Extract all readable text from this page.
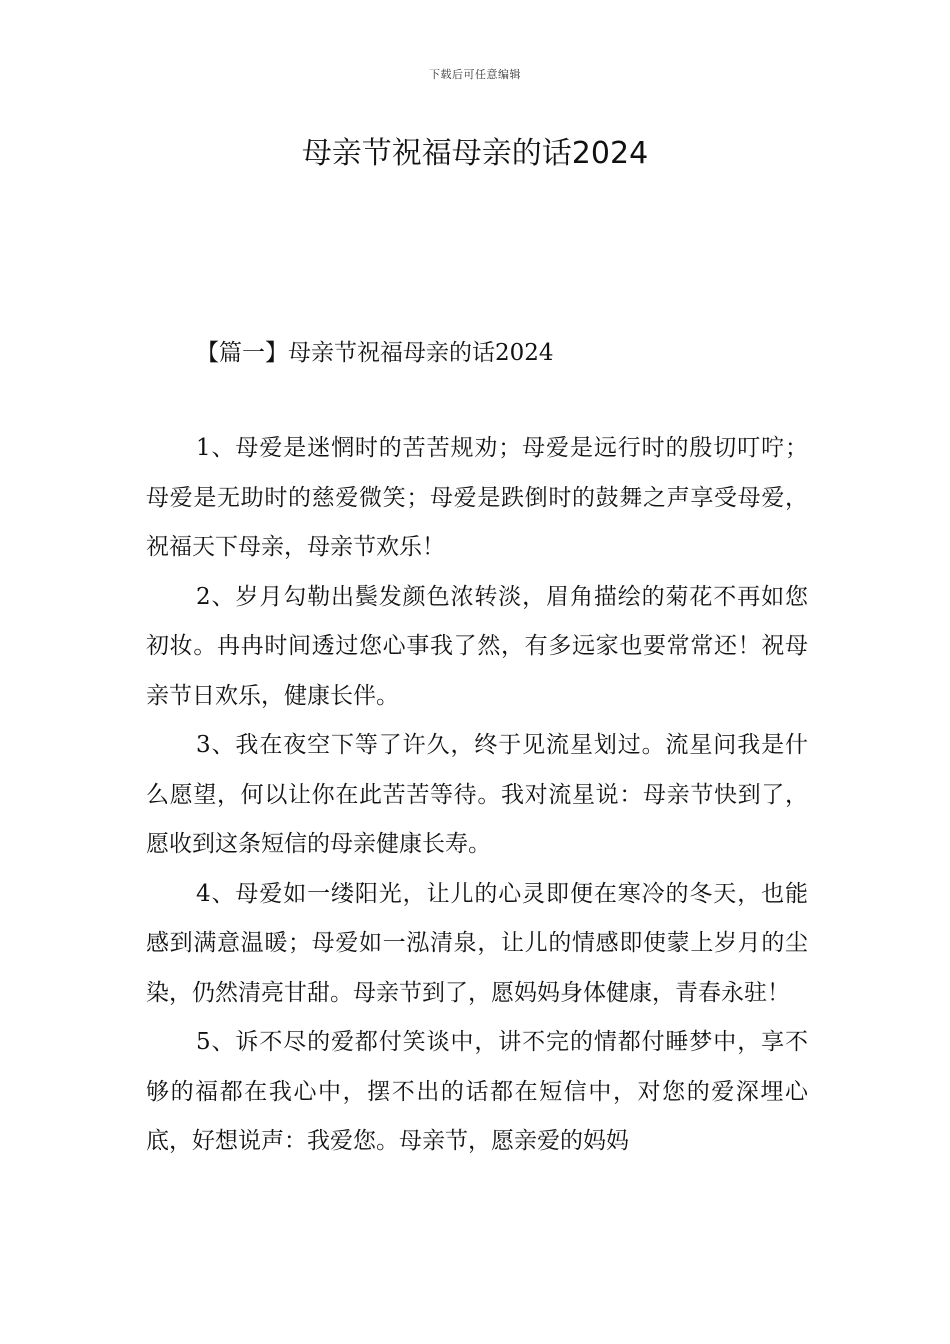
下载后可任意编辑
母亲节祝福母亲的话2024
【篇一】母亲节祝福母亲的话2024

1、母爱是迷惘时的苦苦规劝；母爱是远行时的殷切叮咛；母爱是无助时的慈爱微笑；母爱是跌倒时的鼓舞之声享受母爱，祝福天下母亲，母亲节欢乐！

2、岁月勾勒出鬓发颜色浓转淡，眉角描绘的菊花不再如您初妆。冉冉时间透过您心事我了然，有多远家也要常常还！祝母亲节日欢乐，健康长伴。

3、我在夜空下等了许久，终于见流星划过。流星问我是什么愿望，何以让你在此苦苦等待。我对流星说：母亲节快到了，愿收到这条短信的母亲健康长寿。

4、母爱如一缕阳光，让儿的心灵即便在寒冷的冬天，也能感到满意温暖；母爱如一泓清泉，让儿的情感即使蒙上岁月的尘染，仍然清亮甘甜。母亲节到了，愿妈妈身体健康，青春永驻！

5、诉不尽的爱都付笑谈中，讲不完的情都付睡梦中，享不够的福都在我心中，摆不出的话都在短信中，对您的爱深埋心底，好想说声：我爱您。母亲节，愿亲爱的妈妈
